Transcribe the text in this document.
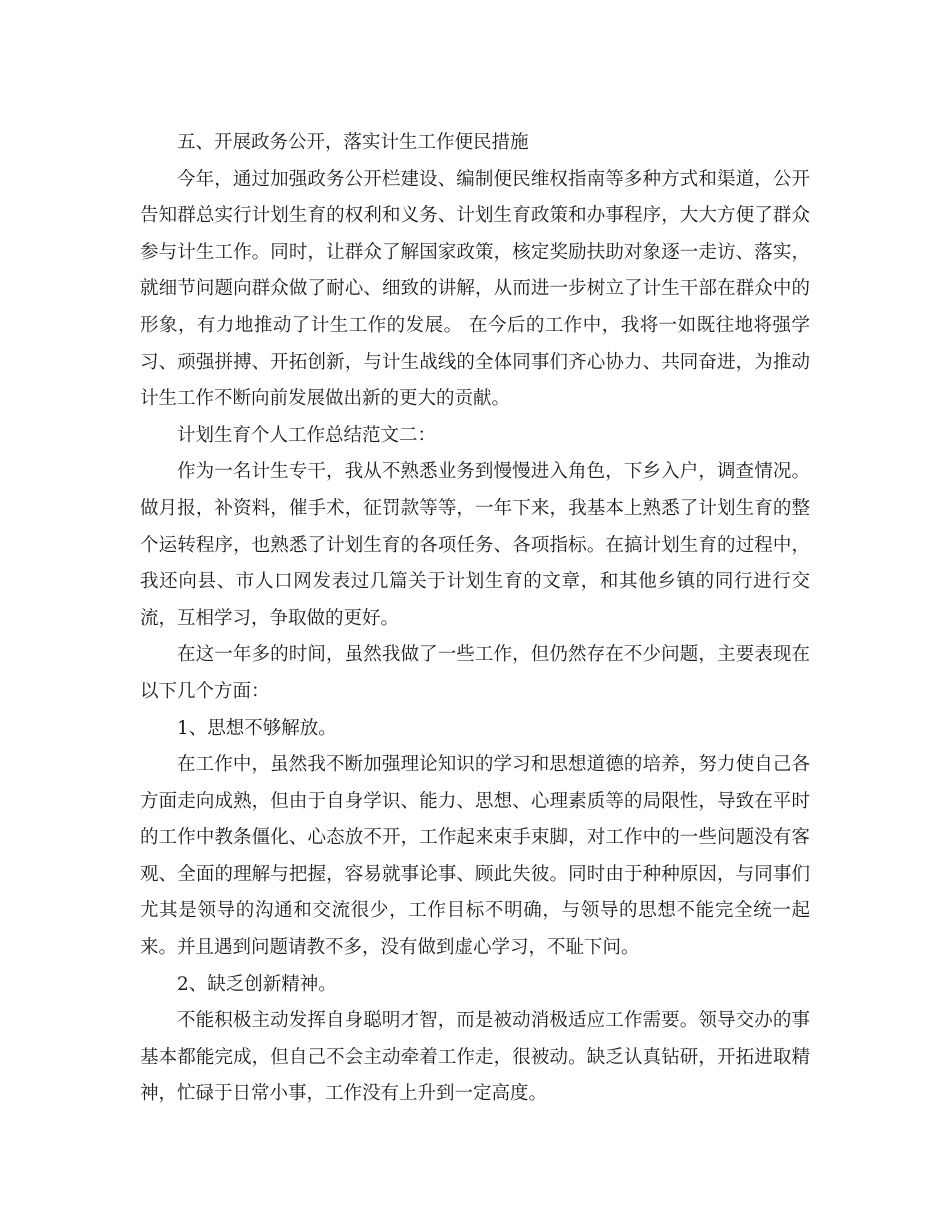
五、开展政务公开，落实计生工作便民措施

今年，通过加强政务公开栏建设、编制便民维权指南等多种方式和渠道，公开告知群总实行计划生育的权利和义务、计划生育政策和办事程序，大大方便了群众参与计生工作。同时，让群众了解国家政策，核定奖励扶助对象逐一走访、落实，就细节问题向群众做了耐心、细致的讲解，从而进一步树立了计生干部在群众中的形象，有力地推动了计生工作的发展。 在今后的工作中，我将一如既往地将强学习、顽强拼搏、开拓创新，与计生战线的全体同事们齐心协力、共同奋进，为推动计生工作不断向前发展做出新的更大的贡献。

计划生育个人工作总结范文二：

作为一名计生专干，我从不熟悉业务到慢慢进入角色，下乡入户，调查情况。做月报，补资料，催手术，征罚款等等，一年下来，我基本上熟悉了计划生育的整个运转程序，也熟悉了计划生育的各项任务、各项指标。在搞计划生育的过程中，我还向县、市人口网发表过几篇关于计划生育的文章，和其他乡镇的同行进行交流，互相学习，争取做的更好。

在这一年多的时间，虽然我做了一些工作，但仍然存在不少问题，主要表现在以下几个方面：

1、思想不够解放。

在工作中，虽然我不断加强理论知识的学习和思想道德的培养，努力使自己各方面走向成熟，但由于自身学识、能力、思想、心理素质等的局限性，导致在平时的工作中教条僵化、心态放不开，工作起来束手束脚，对工作中的一些问题没有客观、全面的理解与把握，容易就事论事、顾此失彼。同时由于种种原因，与同事们尤其是领导的沟通和交流很少，工作目标不明确，与领导的思想不能完全统一起来。并且遇到问题请教不多，没有做到虚心学习，不耻下问。

2、缺乏创新精神。

不能积极主动发挥自身聪明才智，而是被动消极适应工作需要。领导交办的事基本都能完成，但自己不会主动牵着工作走，很被动。缺乏认真钻研，开拓进取精神，忙碌于日常小事，工作没有上升到一定高度。
